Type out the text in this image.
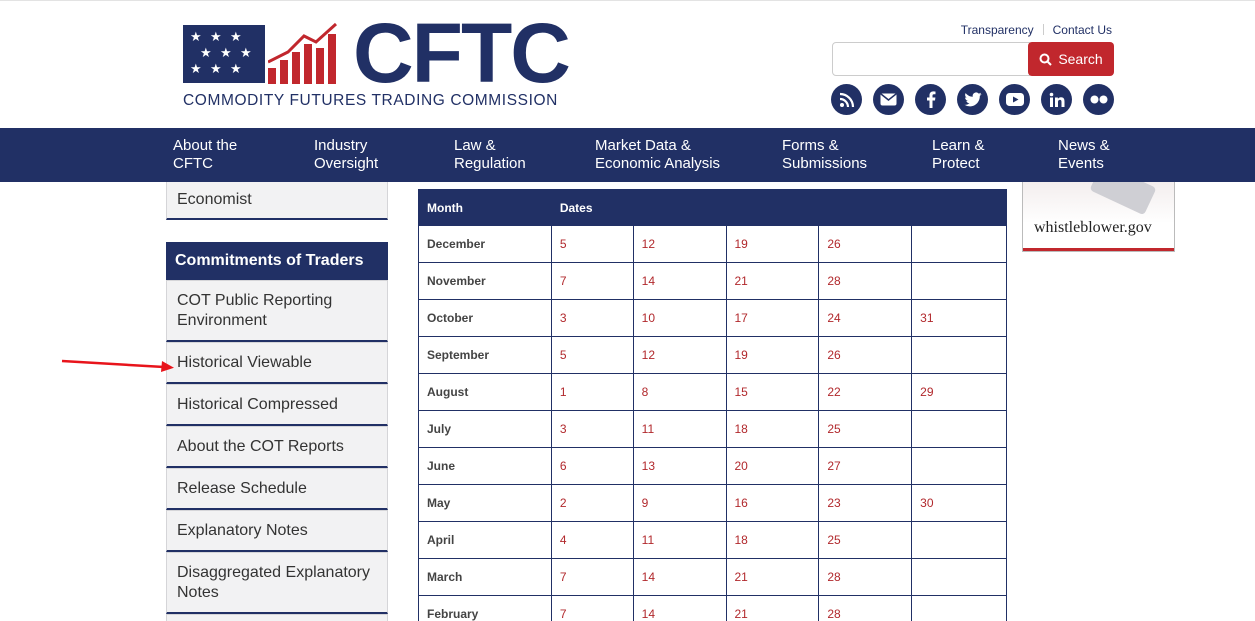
★ ★ ★
★ ★ ★
★ ★ ★ CFTC
COMMODITY FUTURES TRADING COMMISSION
Transparency Contact Us
Search
About the
CFTC
Industry
Oversight
Law &
Regulation
Market Data &
Economic Analysis
Forms &
Submissions
Learn &
Protect
News &
Events
Economist
Commitments of Traders
COT Public Reporting Environment
Historical Viewable
Historical Compressed
About the COT Reports
Release Schedule
Explanatory Notes
Disaggregated Explanatory Notes
Month	Dates				
December	5	12	19	26	
November	7	14	21	28	
October	3	10	17	24	31
September	5	12	19	26	
August	1	8	15	22	29
July	3	11	18	25	
June	6	13	20	27	
May	2	9	16	23	30
April	4	11	18	25	
March	7	14	21	28	
February	7	14	21	28	
whistleblower.gov
